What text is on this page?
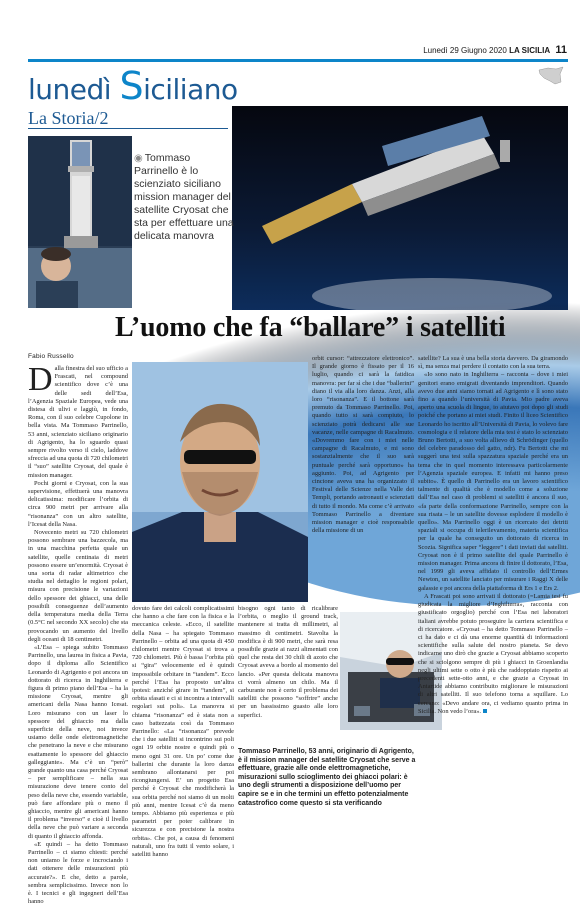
Lunedì 29 Giugno 2020 LA SICILIA 11
lunedì Siciliano
La Storia/2
◉ Tommaso Parrinello è lo scienziato siciliano mission manager del satellite Cryosat che sta per effettuare una delicata manovra
L’uomo che fa “ballare” i satelliti
Fabio Russello

Dalla finestra del suo ufficio a Frascati, nel compound scientifico dove c’è una delle sedi dell’Esa, l’Agenzia Spaziale Europea, vede una distesa di ulivi e laggiù, in fondo, Roma, con il suo celebre Cupolone in bella vista. Ma Tommaso Parrinello, 53 anni, scienziato siciliano originario di Agrigento, ha lo sguardo quasi sempre rivolto verso il cielo, laddove sfreccia ad una quota di 720 chilometri il “suo” satellite Cryosat, del quale è mission manager.

Pochi giorni e Cryosat, con la sua supervisione, effettuerà una manovra delicatissima: modificare l’orbita di circa 900 metri per arrivare alla “risonanza” con un altro satellite, l’Icesat della Nasa.

Novecento metri su 720 chilometri possono sembrare una bazzecola, ma in una macchina perfetta quale un satellite, quelle centinaia di metri possono essere un’enormità. Cryosat è una sorta di radar altimetrico che studia nel dettaglio le regioni polari, misura con precisione le variazioni dello spessore dei ghiacci, una delle possibili conseguenze dell’aumento della temperatura media della Terra (0.5°C nel secondo XX secolo) che sta provocando un aumento del livello degli oceani di 18 centimetri.

«L’Esa – spiega subito Tommaso Parrinello, una laurea in fisica a Pavia, dopo il diploma allo Scientifico Leonardo di Agrigento e poi ancora un dottorato di ricerca in Inghilterra e figura di primo piano dell’Esa – ha la missione Cryosat, mentre gli americani della Nasa hanno Icesat. Loro misurano con un laser lo spessore del ghiaccio ma dalla superficie della neve, noi invece usiamo delle onde elettromagnetiche che penetrano la neve e che misurano esattamente lo spessore del ghiaccio galleggiante». Ma c’è un “però” grande quanto una casa perché Cryosat – per semplificare – nella sua misurazione deve tenere conto del peso della neve che, essendo variabile, può fare affondare più o meno il ghiaccio, mentre gli americani hanno il problema “inverso” e cioè il livello della neve che può variare a seconda di quanto il ghiaccio affonda.

«E quindi – ha detto Tommaso Parrinello – ci siamo chiesti: perché non uniamo le forze e incrociando i dati ottenere delle misurazioni più accurate?». E che, detto a parole, sembra semplicissimo. Invece non lo è. I tecnici e gli ingegneri dell’Esa hanno

dovuto fare dei calcoli complicatissimi che hanno a che fare con la fisica e la meccanica celeste. «Ecco, il satellite della Nasa – ha spiegato Tommaso Parrinello – orbita ad una quota di 450 chilometri mentre Cryosat si trova a 720 chilometri. Più è bassa l’orbita più si “gira” velocemente ed è quindi impossibile orbitare in “tandem”. Ecco perché l’Esa ha proposto un’altra ipotesi: anziché girare in “tandem”, si orbita sfasati e ci si incontra a intervalli regolari sui poli». La manovra si chiama “risonanza” ed è stata non a caso battezzata così da Tommaso Parrinello: «La “risonanza” prevede che i due satelliti si incontrino sui poli ogni 19 orbite nostre e quindi più o meno ogni 31 ore. Un po’ come due ballerini che durante la loro danza sembrano allontanarsi per poi ricongiungersi. E’ un progetto Esa perché è Cryosat che modificherà la sua orbita perché noi siamo di un molti più anni, mentre Icesat c’è da meno tempo. Abbiamo più esperienza e più parametri per poter calibrare in sicurezza e con precisione la nostra orbita». Che poi, a causa di fenomeni naturali, uno fra tutti il vento solare, i satelliti hanno

bisogno ogni tanto di ricalibrare l’orbita, o meglio il ground track, mantenere si tratta di millimetri, al massimo di centimetri. Stavolta la modifica è di 900 metri, che sarà resa possibile grazie ai razzi alimentati con quel che resta dei 30 chili di azoto che Cryosat aveva a bordo al momento del lancio. «Per questa delicata manovra ci vorrà almeno un chilo. Ma il carburante non è certo il problema dei satelliti che possono “soffrire” anche per un bassissimo guasto alle loro superfici.

orbit cursor: “attrezzatore elettronico”. Il grande giorno è fissato per il 16 luglio, quando ci sarà la fatidica manovra: per far sì che i due “ballerini” diano il via alla loro danza. Anzi, alla loro “risonanza”. E il bottone sarà premuto da Tommaso Parrinello. Poi, quando tutto si sarà compiuto, lo scienziato potrà dedicarsi alle sue vacanze, nelle campagne di Racalmuto. «Dovremmo fare con i miei nelle campagne di Racalmuto, e mi sono sostanzialmente che il suo sarà puntuale perché sarà opportuno» ha aggiunto. Poi, ad Agrigento per cincione aveva una ha organizzato il Festival delle Scienze nella Valle dei Templi, portando astronauti e scienziati di tutto il mondo. Ma come c’è arrivato Tommaso Parrinello a diventare mission manager e cioè responsabile della missione di un

satellite? La sua è una bella storia davvero. Da giramondo sì, ma senza mai perdere il contatto con la sua terra.

«Io sono nato in Inghilterra – racconta – dove i miei genitori erano emigrati diventando imprenditori. Quando avevo due anni siamo tornati ad Agrigento e lì sono stato fino a quando l’università di Pavia. Mio padre aveva aperto una scuola di lingue, io aiutavo poi dopo gli studi poiché che portano ai miei studi. Finito il liceo Scientifico Leonardo ho iscritto all’Università di Pavia, lo volevo fare cosmologia e il relatore della mia tesi è stato lo scienziato Bruno Bertotti, a suo volta allievo di Schrödinger (quello del celebre paradosso del gatto, ndr). Fu Bertotti che mi suggerì una tesi sulla spazzatura spaziale perché era un tema che in quel momento interessava particolarmente l’Agenzia spaziale europea. E infatti mi hanno preso subito». È quello di Parrinello era un lavoro scientifico talmente di qualità che è modello come a soluzione dall’Esa nel caso di problemi si satelliti è ancora il suo, «fa parte della conformazione Parrinello, sempre con la sua risata – le un satellite dovesse esplodere il modello è quello». Ma Parrinello oggi è un ricercato dei detriti spaziali si occupa di telerilevamento, materia scientifica per la quale ha conseguito un dottorato di ricerca in Scozia. Significa saper “leggere” i dati inviati dai satelliti. Cryosat non è il primo satellite del quale Parrinello è mission manager. Prima ancora di finire il dottorato, l’Esa, nel 1999 gli aveva affidato il controllo dell’Ermes Newton, un satellite lanciato per misurare i Raggi X delle galassie e poi ancora della piattaforma di Ers 1 e Ers 2.

A Frascati poi sono arrivati il dottorato (=Lamia tesi fu giudicata la migliore d’Inghilterra», racconta con giustificato orgoglio) perché con l’Esa nei laboratori italiani avrebbe potuto proseguire la carriera scientifica e di ricercatore. «Cryosat – ha detto Tommaso Parrinello – ci ha dato e ci dà una enorme quantità di informazioni scientifiche sulla salute del nostro pianeta. Se devo indicarne uno dirò che grazie a Cryosat abbiamo scoperto che si sciolgono sempre di più i ghiacci in Groenlandia negli ultimi sette o otto è più che raddoppiato rispetto ai precedenti sette-otto anni, e che grazie a Cryosat in Antartide abbiamo contribuito migliorare le misurazioni di altri satelliti. Il suo telefono torna a squillare. Lo cercano: «Devo andare ora, ci vediamo quanto prima in Sicilia. Non vedo l’ora».

Tommaso Parrinello, 53 anni, originario di Agrigento, è il mission manager del satellite Cryosat che serve a effettuare, grazie alle onde elettromagnetiche, misurazioni sullo scioglimento dei ghiacci polari: è uno degli strumenti a disposizione dell’uomo per capire se e in che termini un effetto potenzialmente catastrofico come questo si sta verificando
